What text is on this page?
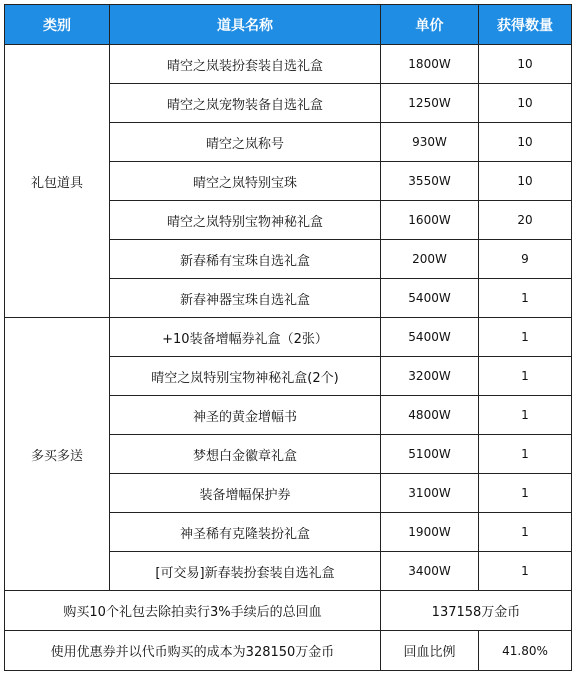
类别	道具名称	单价	获得数量
礼包道具	晴空之岚装扮套装自选礼盒	1800W	10
	晴空之岚宠物装备自选礼盒	1250W	10
	晴空之岚称号	930W	10
	晴空之岚特别宝珠	3550W	10
	晴空之岚特别宝物神秘礼盒	1600W	20
	新春稀有宝珠自选礼盒	200W	9
	新春神器宝珠自选礼盒	5400W	1
多买多送	+10装备增幅券礼盒（2张）	5400W	1
	晴空之岚特别宝物神秘礼盒(2个)	3200W	1
	神圣的黄金增幅书	4800W	1
	梦想白金徽章礼盒	5100W	1
	装备增幅保护券	3100W	1
	神圣稀有克隆装扮礼盒	1900W	1
	[可交易]新春装扮套装自选礼盒	3400W	1
购买10个礼包去除拍卖行3%手续后的总回血		137158万金币	
使用优惠券并以代币购买的成本为328150万金币		回血比例	41.80%
